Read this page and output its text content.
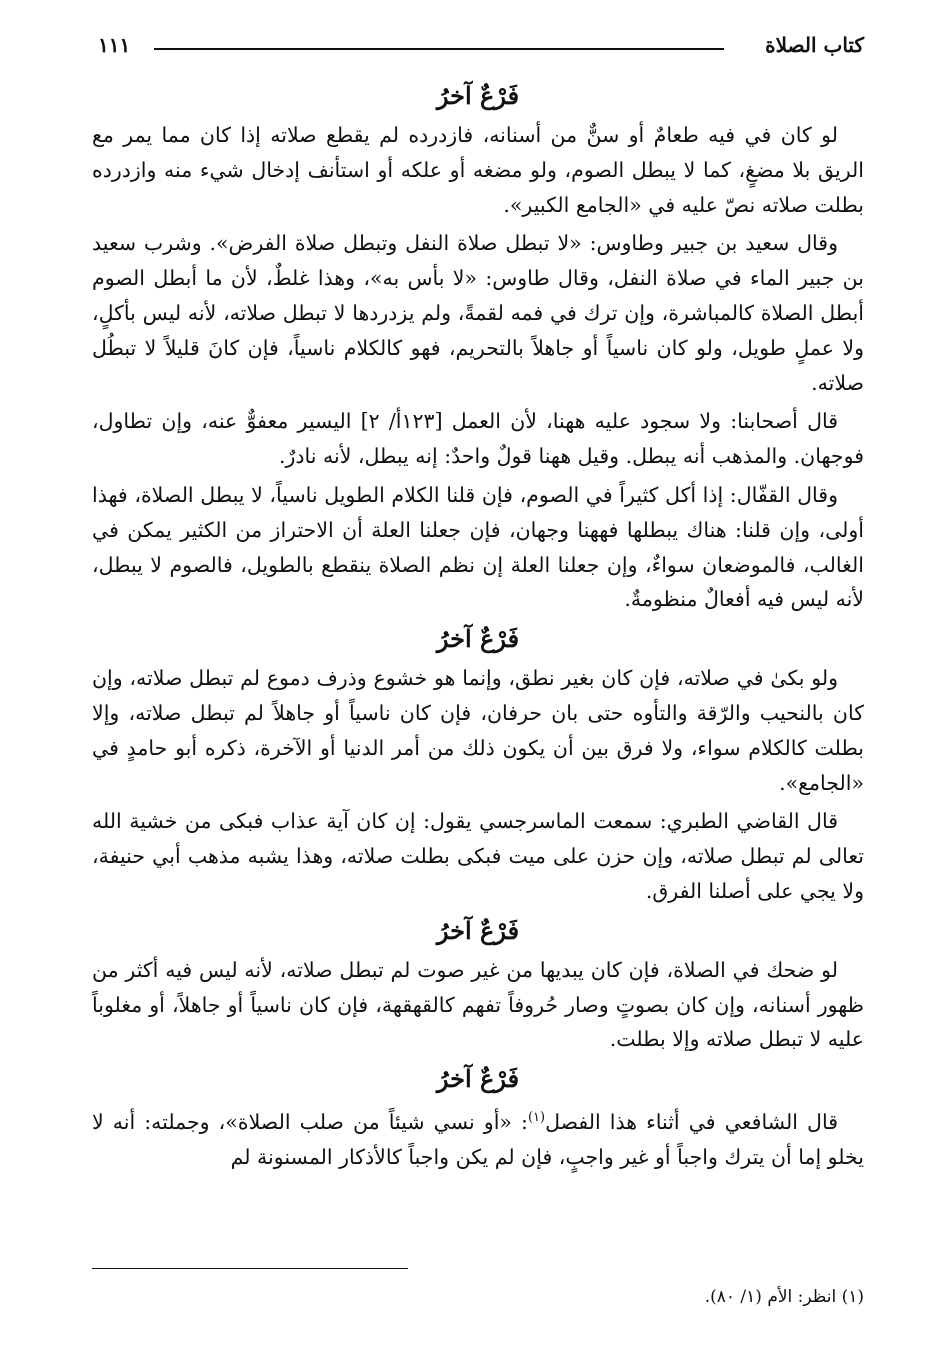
كتاب الصلاة
١١١
فَرْعٌ آخرُ

لو كان في فيه طعامٌ أو سنٌّ من أسنانه، فازدرده لم يقطع صلاته إذا كان مما يمر مع الريق بلا مضغٍ، كما لا يبطل الصوم، ولو مضغه أو علكه أو استأنف إدخال شيء منه وازدرده بطلت صلاته نصّ عليه في «الجامع الكبير».

وقال سعيد بن جبير وطاوس: «لا تبطل صلاة النفل وتبطل صلاة الفرض». وشرب سعيد بن جبير الماء في صلاة النفل، وقال طاوس: «لا بأس به»، وهذا غلطٌ، لأن ما أبطل الصوم أبطل الصلاة كالمباشرة، وإن ترك في فمه لقمةً، ولم يزدردها لا تبطل صلاته، لأنه ليس بأكلٍ، ولا عملٍ طويل، ولو كان ناسياً أو جاهلاً بالتحريم، فهو كالكلام ناسياً، فإن كانَ قليلاً لا تبطُل صلاته.

قال أصحابنا: ولا سجود عليه ههنا، لأن العمل [١٢٣أ/ ٢] اليسير معفوٌّ عنه، وإن تطاول، فوجهان. والمذهب أنه يبطل. وقيل ههنا قولٌ واحدٌ: إنه يبطل، لأنه نادرٌ.

وقال القفّال: إذا أكل كثيراً في الصوم، فإن قلنا الكلام الطويل ناسياً، لا يبطل الصلاة، فهذا أولى، وإن قلنا: هناك يبطلها فههنا وجهان، فإن جعلنا العلة أن الاحتراز من الكثير يمكن في الغالب، فالموضعان سواءٌ، وإن جعلنا العلة إن نظم الصلاة ينقطع بالطويل، فالصوم لا يبطل، لأنه ليس فيه أفعالٌ منظومةٌ.

فَرْعٌ آخرُ

ولو بكىٰ في صلاته، فإن كان بغير نطق، وإنما هو خشوع وذرف دموع لم تبطل صلاته، وإن كان بالنحيب والرّقة والتأوه حتى بان حرفان، فإن كان ناسياً أو جاهلاً لم تبطل صلاته، وإلا بطلت كالكلام سواء، ولا فرق بين أن يكون ذلك من أمر الدنيا أو الآخرة، ذكره أبو حامدٍ في «الجامع».

قال القاضي الطبري: سمعت الماسرجسي يقول: إن كان آية عذاب فبكى من خشية الله تعالى لم تبطل صلاته، وإن حزن على ميت فبكى بطلت صلاته، وهذا يشبه مذهب أبي حنيفة، ولا يجي على أصلنا الفرق.

فَرْعٌ آخرُ

لو ضحك في الصلاة، فإن كان يبديها من غير صوت لم تبطل صلاته، لأنه ليس فيه أكثر من ظهور أسنانه، وإن كان بصوتٍ وصار حُروفاً تفهم كالقهقهة، فإن كان ناسياً أو جاهلاً، أو مغلوباً عليه لا تبطل صلاته وإلا بطلت.

فَرْعٌ آخرُ

قال الشافعي في أثناء هذا الفصل$^{(١)}$: «أو نسي شيئاً من صلب الصلاة»، وجملته: أنه لا يخلو إما أن يترك واجباً أو غير واجبٍ، فإن لم يكن واجباً كالأذكار المسنونة لم

(١) انظر: الأم (١/ ٨٠).
